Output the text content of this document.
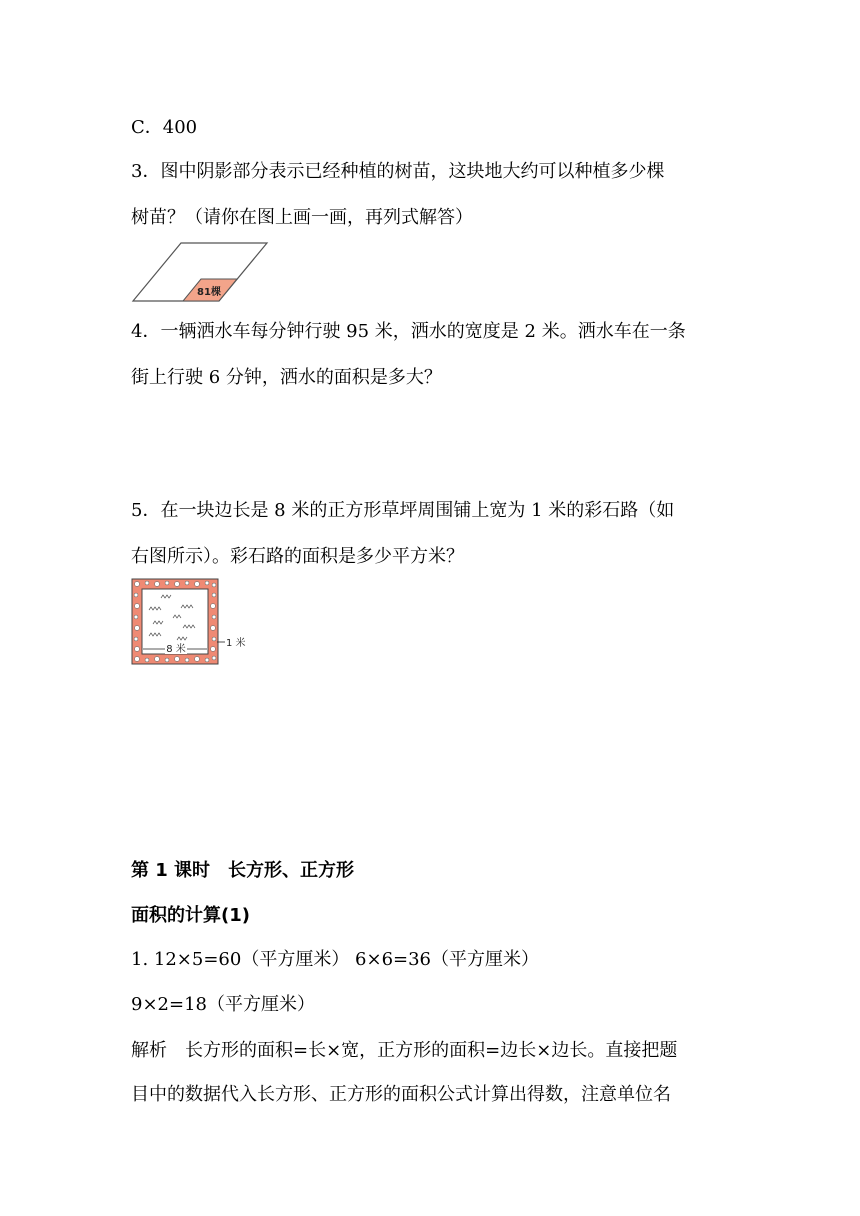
C．400
3．图中阴影部分表示已经种植的树苗，这块地大约可以种植多少棵
树苗？（请你在图上画一画，再列式解答）
81棵
4．一辆洒水车每分钟行驶 95 米，洒水的宽度是 2 米。洒水车在一条
街上行驶 6 分钟，洒水的面积是多大？
5．在一块边长是 8 米的正方形草坪周围铺上宽为 1 米的彩石路（如
右图所示）。彩石路的面积是多少平方米？
8 米
1 米
第 1 课时　长方形、正方形
面积的计算(1)
1. 12×5=60（平方厘米） 6×6=36（平方厘米）
9×2=18（平方厘米）
解析　长方形的面积=长×宽，正方形的面积=边长×边长。直接把题
目中的数据代入长方形、正方形的面积公式计算出得数，注意单位名
